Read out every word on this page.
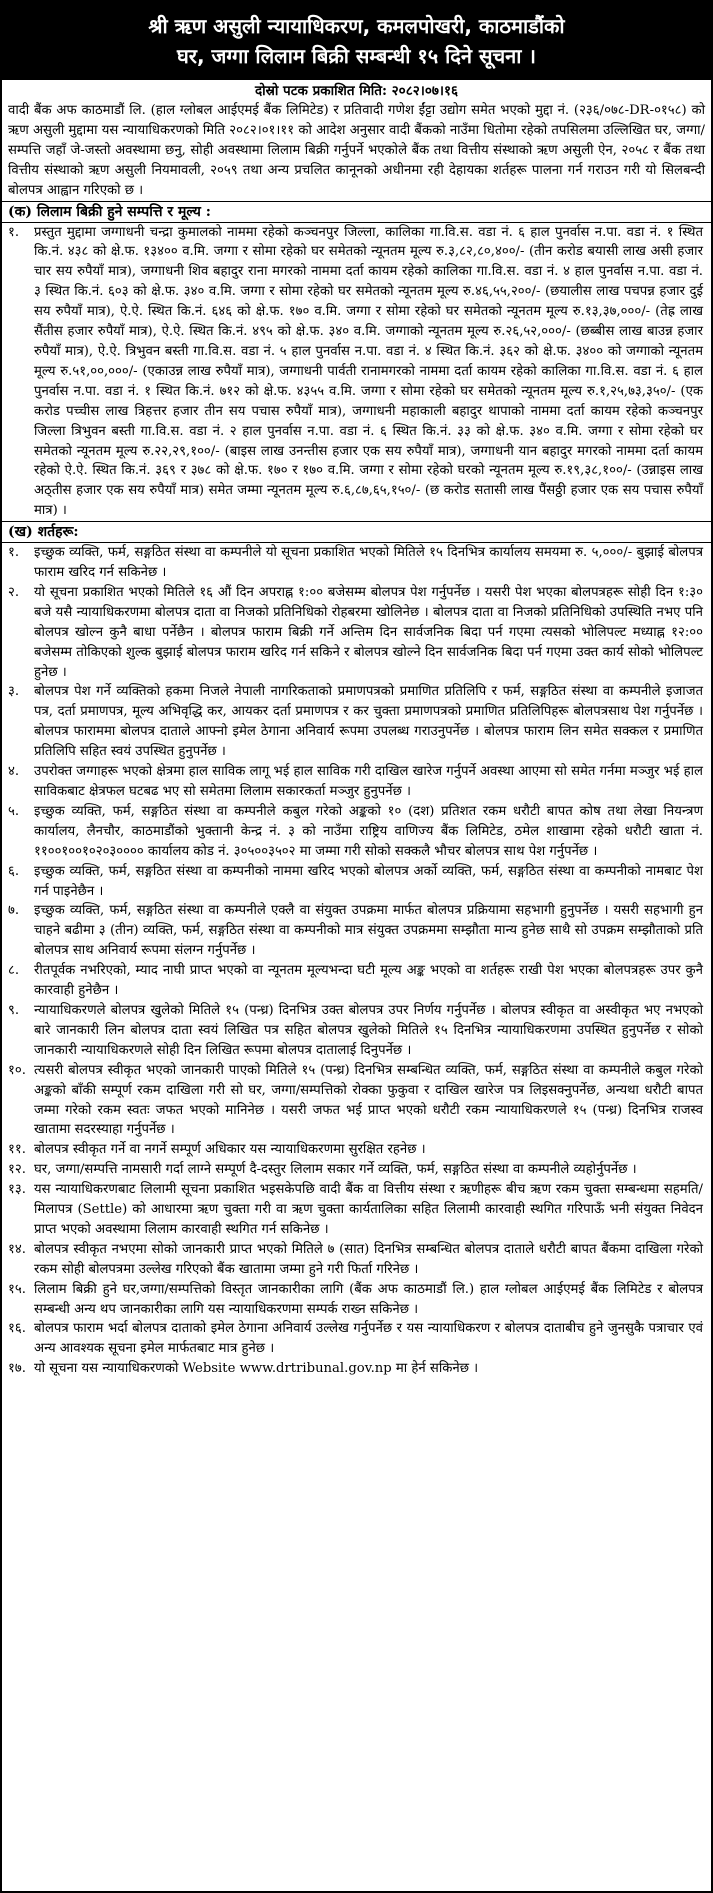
श्री ऋण असुली न्यायाधिकरण, कमलपोखरी, काठमाडौंको
घर, जग्गा लिलाम बिक्री सम्बन्धी १५ दिने सूचना ।
दोस्रो पटक प्रकाशित मिति: २०८२।०७।१६
वादी बैंक अफ काठमाडौं लि. (हाल ग्लोबल आईएमई बैंक लिमिटेड) र प्रतिवादी गणेश ईंट्टा उद्योग समेत भएको मुद्दा नं. (२३६/०७८-DR-०१५८) को ऋण असुली मुद्दामा यस न्यायाधिकरणको मिति २०८२।०१।११ को आदेश अनुसार वादी बैंकको नाउँमा धितोमा रहेको तपसिलमा उल्लिखित घर, जग्गा/सम्पत्ति जहाँ जे-जस्तो अवस्थामा छनु, सोही अवस्थामा लिलाम बिक्री गर्नुपर्ने भएकोले बैंक तथा वित्तीय संस्थाको ऋण असुली ऐन, २०५८ र बैंक तथा वित्तीय संस्थाको ऋण असुली नियमावली, २०५९ तथा अन्य प्रचलित कानूनको अधीनमा रही देहायका शर्तहरू पालना गर्न गराउन गरी यो सिलबन्दी बोलपत्र आह्वान गरिएको छ ।
(क) लिलाम बिक्री हुने सम्पत्ति र मूल्य :
१.	प्रस्तुत मुद्दामा जग्गाधनी चन्द्रा कुमालको नाममा रहेको कञ्चनपुर जिल्ला, कालिका गा.वि.स. वडा नं. ६ हाल पुनर्वास न.पा. वडा नं. १ स्थित कि.नं. ४३८ को क्षे.फ. १३४०० व.मि. जग्गा र सोमा रहेको घर समेतको न्यूनतम मूल्य रु.३,८२,८०,४००/- (तीन करोड बयासी लाख असी हजार चार सय रुपैयाँ मात्र), जग्गाधनी शिव बहादुर राना मगरको नाममा दर्ता कायम रहेको कालिका गा.वि.स. वडा नं. ४ हाल पुनर्वास न.पा. वडा नं. ३ स्थित कि.नं. ६०३ को क्षे.फ. ३४० व.मि. जग्गा र सोमा रहेको घर समेतको न्यूनतम मूल्य रु.४६,५५,२००/- (छयालीस लाख पचपन्न हजार दुई सय रुपैयाँ मात्र), ऐ.ऐ. स्थित कि.नं. ६४६ को क्षे.फ. १७० व.मि. जग्गा र सोमा रहेको घर समेतको न्यूनतम मूल्य रु.१३,३७,०००/- (तेह्र लाख सैंतीस हजार रुपैयाँ मात्र), ऐ.ऐ. स्थित कि.नं. ४९५ को क्षे.फ. ३४० व.मि. जग्गाको न्यूनतम मूल्य रु.२६,५२,०००/- (छब्बीस लाख बाउन्न हजार रुपैयाँ मात्र), ऐ.ऐ. त्रिभुवन बस्ती गा.वि.स. वडा नं. ५ हाल पुनर्वास न.पा. वडा नं. ४ स्थित कि.नं. ३६२ को क्षे.फ. ३४०० को जग्गाको न्यूनतम मूल्य रु.५१,००,०००/- (एकाउन्न लाख रुपैयाँ मात्र), जग्गाधनी पार्वती रानामगरको नाममा दर्ता कायम रहेको कालिका गा.वि.स. वडा नं. ६ हाल पुनर्वास न.पा. वडा नं. १ स्थित कि.नं. ७१२ को क्षे.फ. ४३५५ व.मि. जग्गा र सोमा रहेको घर समेतको न्यूनतम मूल्य रु.१,२५,७३,३५०/- (एक करोड पच्चीस लाख त्रिहत्तर हजार तीन सय पचास रुपैयाँ मात्र), जग्गाधनी महाकाली बहादुर थापाको नाममा दर्ता कायम रहेको कञ्चनपुर जिल्ला त्रिभुवन बस्ती गा.वि.स. वडा नं. २ हाल पुनर्वास न.पा. वडा नं. ६ स्थित कि.नं. ३३ को क्षे.फ. ३४० व.मि. जग्गा र सोमा रहेको घर समेतको न्यूनतम मूल्य रु.२२,२९,१००/- (बाइस लाख उनन्तीस हजार एक सय रुपैयाँ मात्र), जग्गाधनी यान बहादुर मगरको नाममा दर्ता कायम रहेको ऐ.ऐ. स्थित कि.नं. ३६९ र ३७८ को क्षे.फ. १७० र १७० व.मि. जग्गा र सोमा रहेको घरको न्यूनतम मूल्य रु.१९,३८,१००/- (उन्नाइस लाख अठ्तीस हजार एक सय रुपैयाँ मात्र) समेत जम्मा न्यूनतम मूल्य रु.६,८७,६५,१५०/- (छ करोड सतासी लाख पैंसठ्ठी हजार एक सय पचास रुपैयाँ मात्र) ।
(ख) शर्तहरू:
१.	इच्छुक व्यक्ति, फर्म, सङ्गठित संस्था वा कम्पनीले यो सूचना प्रकाशित भएको मितिले १५ दिनभित्र कार्यालय समयमा रु. ५,०००/- बुझाई बोलपत्र फाराम खरिद गर्न सकिनेछ ।
२.	यो सूचना प्रकाशित भएको मितिले १६ औं दिन अपराह्न १:०० बजेसम्म बोलपत्र पेश गर्नुपर्नेछ । यसरी पेश भएका बोलपत्रहरू सोही दिन १:३० बजे यसै न्यायाधिकरणमा बोलपत्र दाता वा निजको प्रतिनिधिको रोहबरमा खोलिनेछ । बोलपत्र दाता वा निजको प्रतिनिधिको उपस्थिति नभए पनि बोलपत्र खोल्न कुनै बाधा पर्नेछैन । बोलपत्र फाराम बिक्री गर्ने अन्तिम दिन सार्वजनिक बिदा पर्न गएमा त्यसको भोलिपल्ट मध्याह्न १२:०० बजेसम्म तोकिएको शुल्क बुझाई बोलपत्र फाराम खरिद गर्न सकिने र बोलपत्र खोल्ने दिन सार्वजनिक बिदा पर्न गएमा उक्त कार्य सोको भोलिपल्ट हुनेछ ।
३.	बोलपत्र पेश गर्ने व्यक्तिको हकमा निजले नेपाली नागरिकताको प्रमाणपत्रको प्रमाणित प्रतिलिपि र फर्म, सङ्गठित संस्था वा कम्पनीले इजाजत पत्र, दर्ता प्रमाणपत्र, मूल्य अभिवृद्धि कर, आयकर दर्ता प्रमाणपत्र र कर चुक्ता प्रमाणपत्रको प्रमाणित प्रतिलिपिहरू बोलपत्रसाथ पेश गर्नुपर्नेछ । बोलपत्र फाराममा बोलपत्र दाताले आफ्नो इमेल ठेगाना अनिवार्य रूपमा उपलब्ध गराउनुपर्नेछ । बोलपत्र फाराम लिन समेत सक्कल र प्रमाणित प्रतिलिपि सहित स्वयं उपस्थित हुनुपर्नेछ ।
४.	उपरोक्त जग्गाहरू भएको क्षेत्रमा हाल साविक लागू भई हाल साविक गरी दाखिल खारेज गर्नुपर्ने अवस्था आएमा सो समेत गर्नमा मञ्जुर भई हाल साविकबाट क्षेत्रफल घटबढ भए सो समेतमा लिलाम सकारकर्ता मञ्जुर हुनुपर्नेछ ।
५.	इच्छुक व्यक्ति, फर्म, सङ्गठित संस्था वा कम्पनीले कबुल गरेको अङ्कको १० (दश) प्रतिशत रकम धरौटी बापत कोष तथा लेखा नियन्त्रण कार्यालय, लैनचौर, काठमाडौंको भुक्तानी केन्द्र नं. ३ को नाउँमा राष्ट्रिय वाणिज्य बैंक लिमिटेड, ठमेल शाखामा रहेको धरौटी खाता नं. ११००१००१०२०३०००० कार्यालय कोड नं. ३०५००३५०२ मा जम्मा गरी सोको सक्कलै भौचर बोलपत्र साथ पेश गर्नुपर्नेछ ।
६.	इच्छुक व्यक्ति, फर्म, सङ्गठित संस्था वा कम्पनीको नाममा खरिद भएको बोलपत्र अर्को व्यक्ति, फर्म, सङ्गठित संस्था वा कम्पनीको नामबाट पेश गर्न पाइनेछैन ।
७.	इच्छुक व्यक्ति, फर्म, सङ्गठित संस्था वा कम्पनीले एक्लै वा संयुक्त उपक्रमा मार्फत बोलपत्र प्रक्रियामा सहभागी हुनुपर्नेछ । यसरी सहभागी हुन चाहने बढीमा ३ (तीन) व्यक्ति, फर्म, सङ्गठित संस्था वा कम्पनीको मात्र संयुक्त उपक्रममा सम्झौता मान्य हुनेछ साथै सो उपक्रम सम्झौताको प्रति बोलपत्र साथ अनिवार्य रूपमा संलग्न गर्नुपर्नेछ ।
८.	रीतपूर्वक नभरिएको, म्याद नाघी प्राप्त भएको वा न्यूनतम मूल्यभन्दा घटी मूल्य अङ्क भएको वा शर्तहरू राखी पेश भएका बोलपत्रहरू उपर कुनै कारवाही हुनेछैन ।
९.	न्यायाधिकरणले बोलपत्र खुलेको मितिले १५ (पन्ध्र) दिनभित्र उक्त बोलपत्र उपर निर्णय गर्नुपर्नेछ । बोलपत्र स्वीकृत वा अस्वीकृत भए नभएको बारे जानकारी लिन बोलपत्र दाता स्वयं लिखित पत्र सहित बोलपत्र खुलेको मितिले १५ दिनभित्र न्यायाधिकरणमा उपस्थित हुनुपर्नेछ र सोको जानकारी न्यायाधिकरणले सोही दिन लिखित रूपमा बोलपत्र दातालाई दिनुपर्नेछ ।
१०. त्यसरी बोलपत्र स्वीकृत भएको जानकारी पाएको मितिले १५ (पन्ध्र) दिनभित्र सम्बन्धित व्यक्ति, फर्म, सङ्गठित संस्था वा कम्पनीले कबुल गरेको अङ्कको बाँकी सम्पूर्ण रकम दाखिला गरी सो घर, जग्गा/सम्पत्तिको रोक्का फुकुवा र दाखिल खारेज पत्र लिइसक्नुपर्नेछ, अन्यथा धरौटी बापत जम्मा गरेको रकम स्वतः जफत भएको मानिनेछ । यसरी जफत भई प्राप्त भएको धरौटी रकम न्यायाधिकरणले १५ (पन्ध्र) दिनभित्र राजस्व खातामा सदरस्याहा गर्नुपर्नेछ ।
११. बोलपत्र स्वीकृत गर्ने वा नगर्ने सम्पूर्ण अधिकार यस न्यायाधिकरणमा सुरक्षित रहनेछ ।
१२. घर, जग्गा/सम्पत्ति नामसारी गर्दा लाग्ने सम्पूर्ण दै-दस्तुर लिलाम सकार गर्ने व्यक्ति, फर्म, सङ्गठित संस्था वा कम्पनीले व्यहोर्नुपर्नेछ ।
१३. यस न्यायाधिकरणबाट लिलामी सूचना प्रकाशित भइसकेपछि वादी बैंक वा वित्तीय संस्था र ऋणीहरू बीच ऋण रकम चुक्ता सम्बन्धमा सहमति/मिलापत्र (Settle) को आधारमा ऋण चुक्ता गरी वा ऋण चुक्ता कार्यतालिका सहित लिलामी कारवाही स्थगित गरिपाऊँ भनी संयुक्त निवेदन प्राप्त भएको अवस्थामा लिलाम कारवाही स्थगित गर्न सकिनेछ ।
१४. बोलपत्र स्वीकृत नभएमा सोको जानकारी प्राप्त भएको मितिले ७ (सात) दिनभित्र सम्बन्धित बोलपत्र दाताले धरौटी बापत बैंकमा दाखिला गरेको रकम सोही बोलपत्रमा उल्लेख गरिएको बैंक खातामा जम्मा हुने गरी फिर्ता गरिनेछ ।
१५. लिलाम बिक्री हुने घर,जग्गा/सम्पत्तिको विस्तृत जानकारीका लागि (बैंक अफ काठमाडौं लि.) हाल ग्लोबल आईएमई बैंक लिमिटेड र बोलपत्र सम्बन्धी अन्य थप जानकारीका लागि यस न्यायाधिकरणमा सम्पर्क राख्न सकिनेछ ।
१६. बोलपत्र फाराम भर्दा बोलपत्र दाताको इमेल ठेगाना अनिवार्य उल्लेख गर्नुपर्नेछ र यस न्यायाधिकरण र बोलपत्र दाताबीच हुने जुनसुकै पत्राचार एवं अन्य आवश्यक सूचना इमेल मार्फतबाट मात्र हुनेछ ।
१७. यो सूचना यस न्यायाधिकरणको Website www.drtribunal.gov.np मा हेर्न सकिनेछ ।
